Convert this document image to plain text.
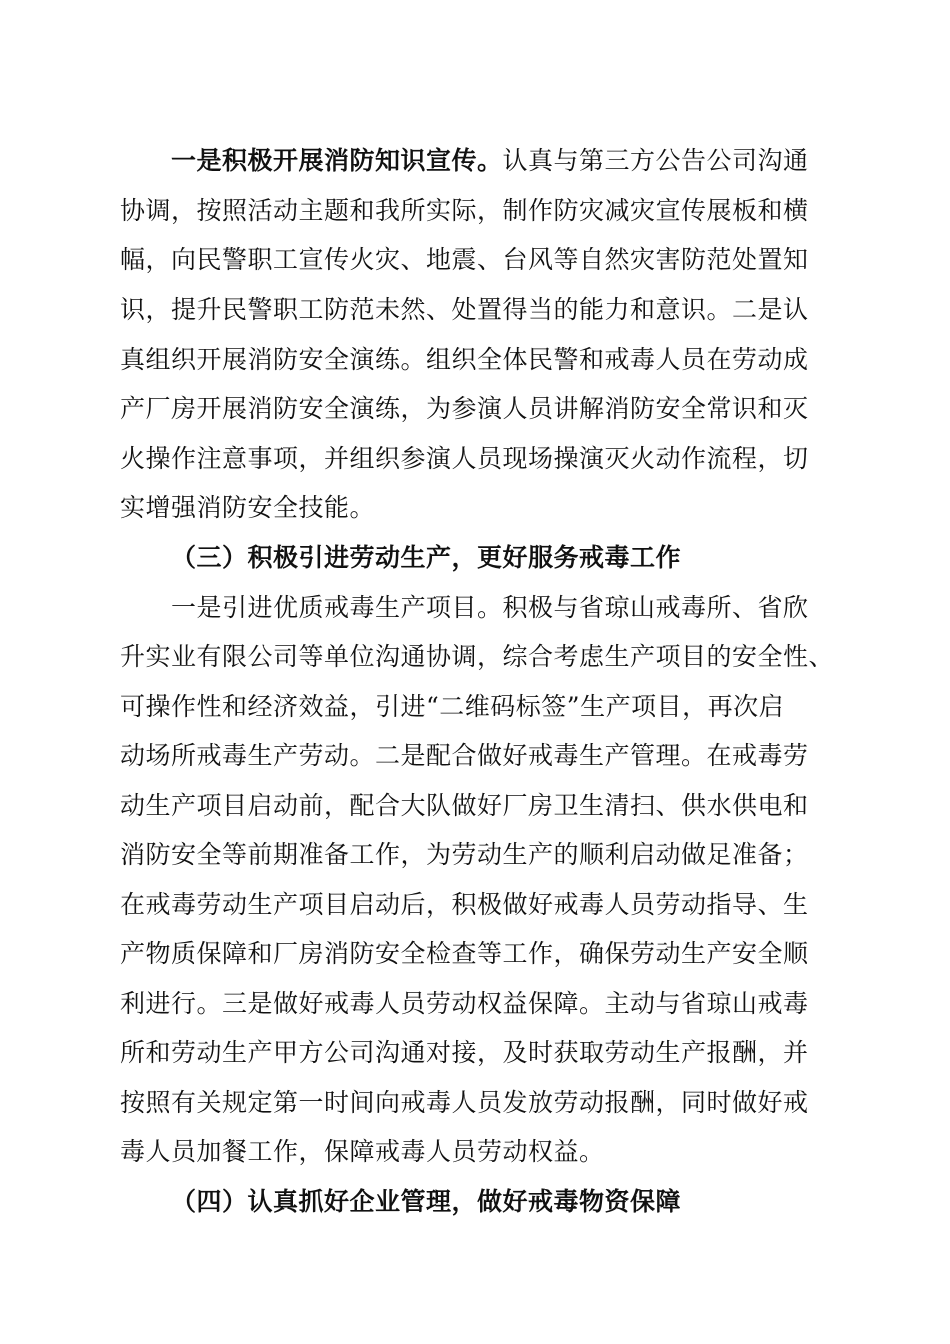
一是积极开展消防知识宣传。认真与第三方公告公司沟通
协调，按照活动主题和我所实际，制作防灾减灾宣传展板和横
幅，向民警职工宣传火灾、地震、台风等自然灾害防范处置知
识，提升民警职工防范未然、处置得当的能力和意识。二是认
真组织开展消防安全演练。组织全体民警和戒毒人员在劳动成
产厂房开展消防安全演练，为参演人员讲解消防安全常识和灭
火操作注意事项，并组织参演人员现场操演灭火动作流程，切
实增强消防安全技能。
（三）积极引进劳动生产，更好服务戒毒工作
一是引进优质戒毒生产项目。积极与省琼山戒毒所、省欣
升实业有限公司等单位沟通协调，综合考虑生产项目的安全性、
可操作性和经济效益，引进“二维码标签”生产项目，再次启
动场所戒毒生产劳动。二是配合做好戒毒生产管理。在戒毒劳
动生产项目启动前，配合大队做好厂房卫生清扫、供水供电和
消防安全等前期准备工作，为劳动生产的顺利启动做足准备；
在戒毒劳动生产项目启动后，积极做好戒毒人员劳动指导、生
产物质保障和厂房消防安全检查等工作，确保劳动生产安全顺
利进行。三是做好戒毒人员劳动权益保障。主动与省琼山戒毒
所和劳动生产甲方公司沟通对接，及时获取劳动生产报酬，并
按照有关规定第一时间向戒毒人员发放劳动报酬，同时做好戒
毒人员加餐工作，保障戒毒人员劳动权益。
（四）认真抓好企业管理，做好戒毒物资保障
